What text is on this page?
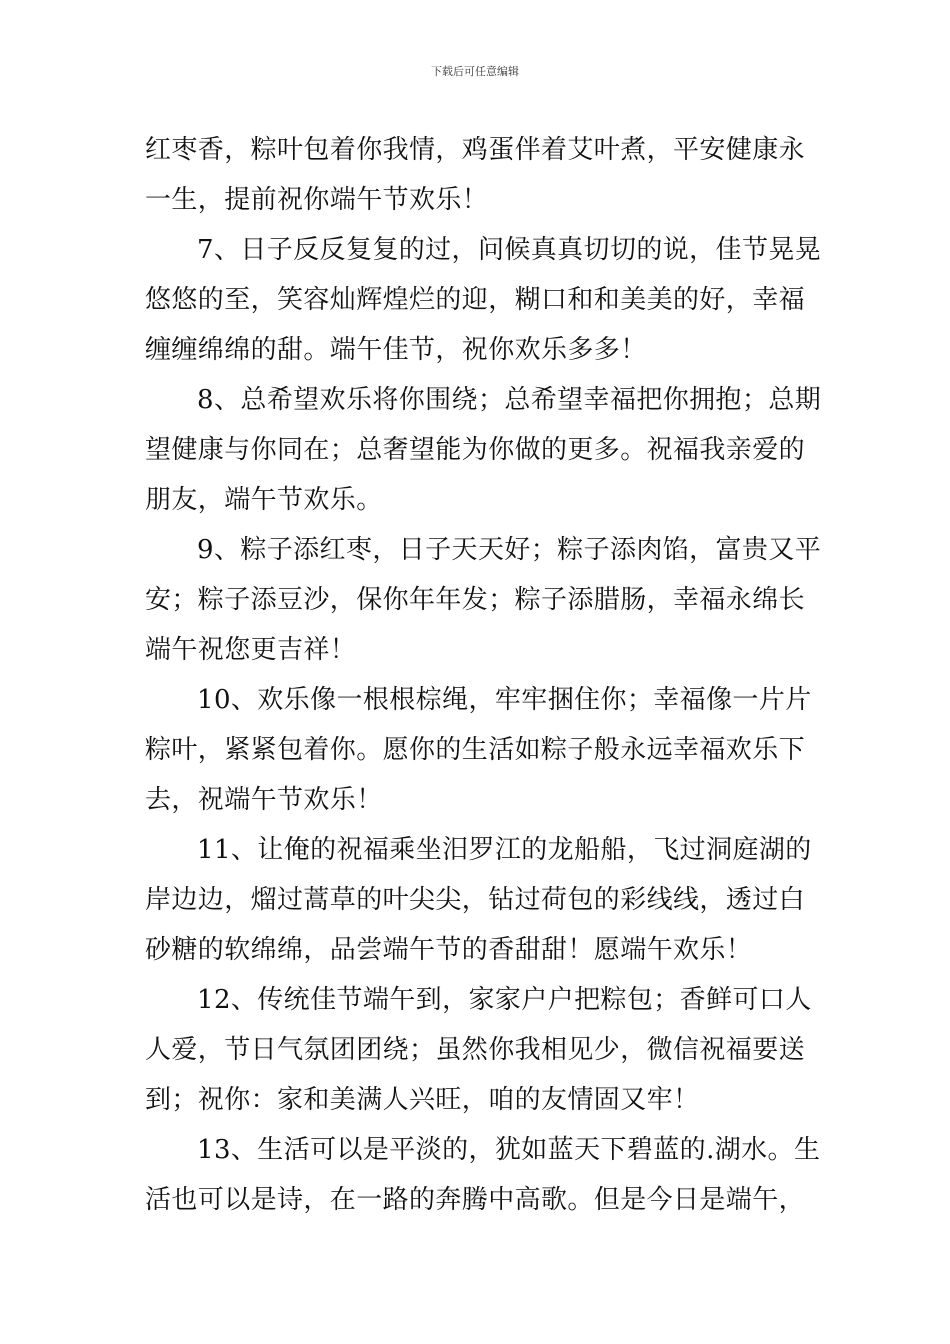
下载后可任意编辑
红枣香，粽叶包着你我情，鸡蛋伴着艾叶煮，平安健康永
一生，提前祝你端午节欢乐！
7、日子反反复复的过，问候真真切切的说，佳节晃晃
悠悠的至，笑容灿辉煌烂的迎，糊口和和美美的好，幸福
缠缠绵绵的甜。端午佳节，祝你欢乐多多！
8、总希望欢乐将你围绕；总希望幸福把你拥抱；总期
望健康与你同在；总奢望能为你做的更多。祝福我亲爱的
朋友，端午节欢乐。
9、粽子添红枣，日子天天好；粽子添肉馅，富贵又平
安；粽子添豆沙，保你年年发；粽子添腊肠，幸福永绵长
端午祝您更吉祥！
10、欢乐像一根根棕绳，牢牢捆住你；幸福像一片片
粽叶，紧紧包着你。愿你的生活如粽子般永远幸福欢乐下
去，祝端午节欢乐！
11、让俺的祝福乘坐汨罗江的龙船船，飞过洞庭湖的
岸边边，熘过蒿草的叶尖尖，钻过荷包的彩线线，透过白
砂糖的软绵绵，品尝端午节的香甜甜！愿端午欢乐！
12、传统佳节端午到，家家户户把粽包；香鲜可口人
人爱，节日气氛团团绕；虽然你我相见少，微信祝福要送
到；祝你：家和美满人兴旺，咱的友情固又牢！
13、生活可以是平淡的，犹如蓝天下碧蓝的.湖水。生
活也可以是诗，在一路的奔腾中高歌。但是今日是端午，
